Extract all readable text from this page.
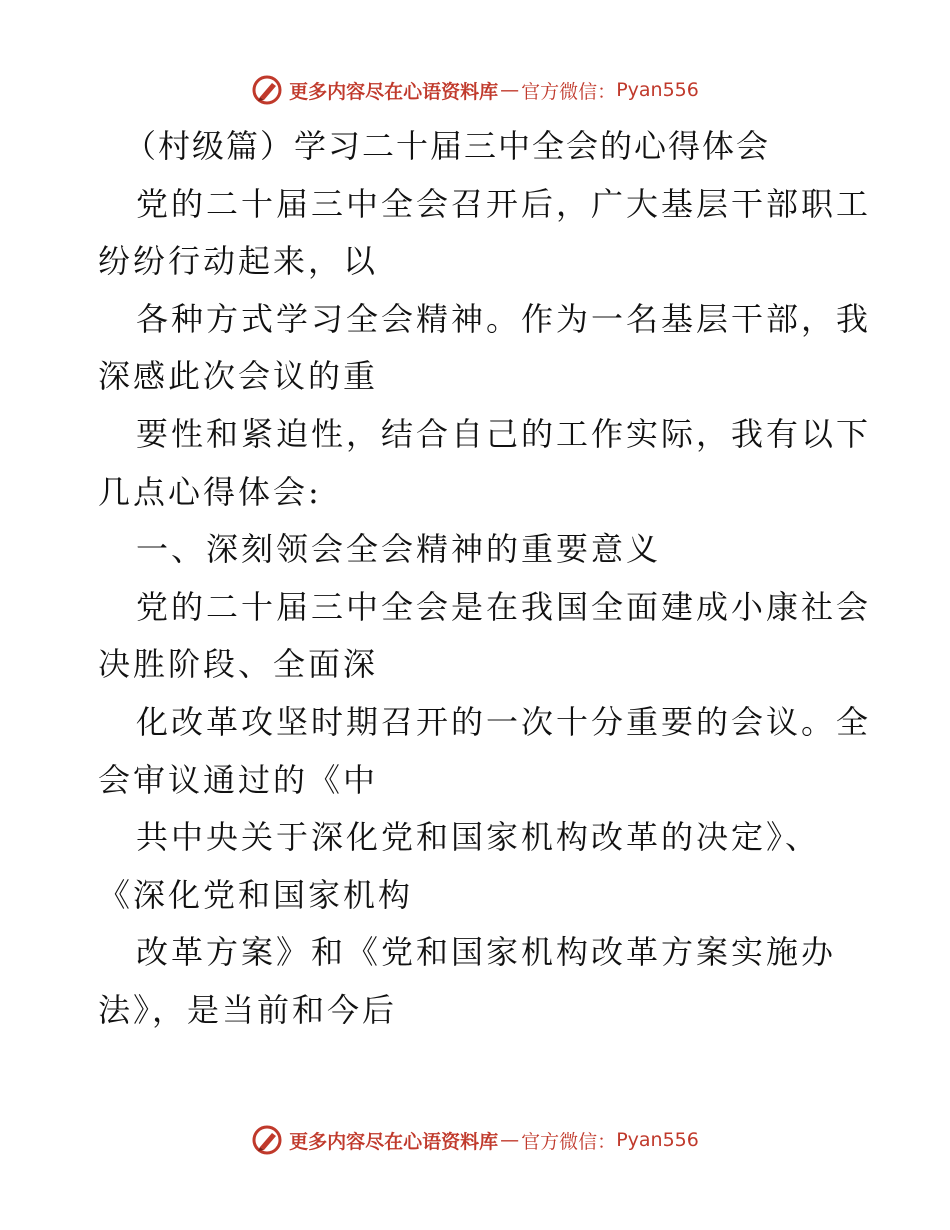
更多内容尽在心语资料库 — 官方微信： Pyan556
（村级篇）学习二十届三中全会的心得体会
党的二十届三中全会召开后，广大基层干部职工
纷纷行动起来，以
各种方式学习全会精神。作为一名基层干部，我
深感此次会议的重
要性和紧迫性，结合自己的工作实际，我有以下
几点心得体会:
一、深刻领会全会精神的重要意义
党的二十届三中全会是在我国全面建成小康社会
决胜阶段、全面深
化改革攻坚时期召开的一次十分重要的会议。全
会审议通过的《中
共中央关于深化党和国家机构改革的决定》、
《深化党和国家机构
改革方案》和《党和国家机构改革方案实施办
法》，是当前和今后
更多内容尽在心语资料库 — 官方微信： Pyan556
